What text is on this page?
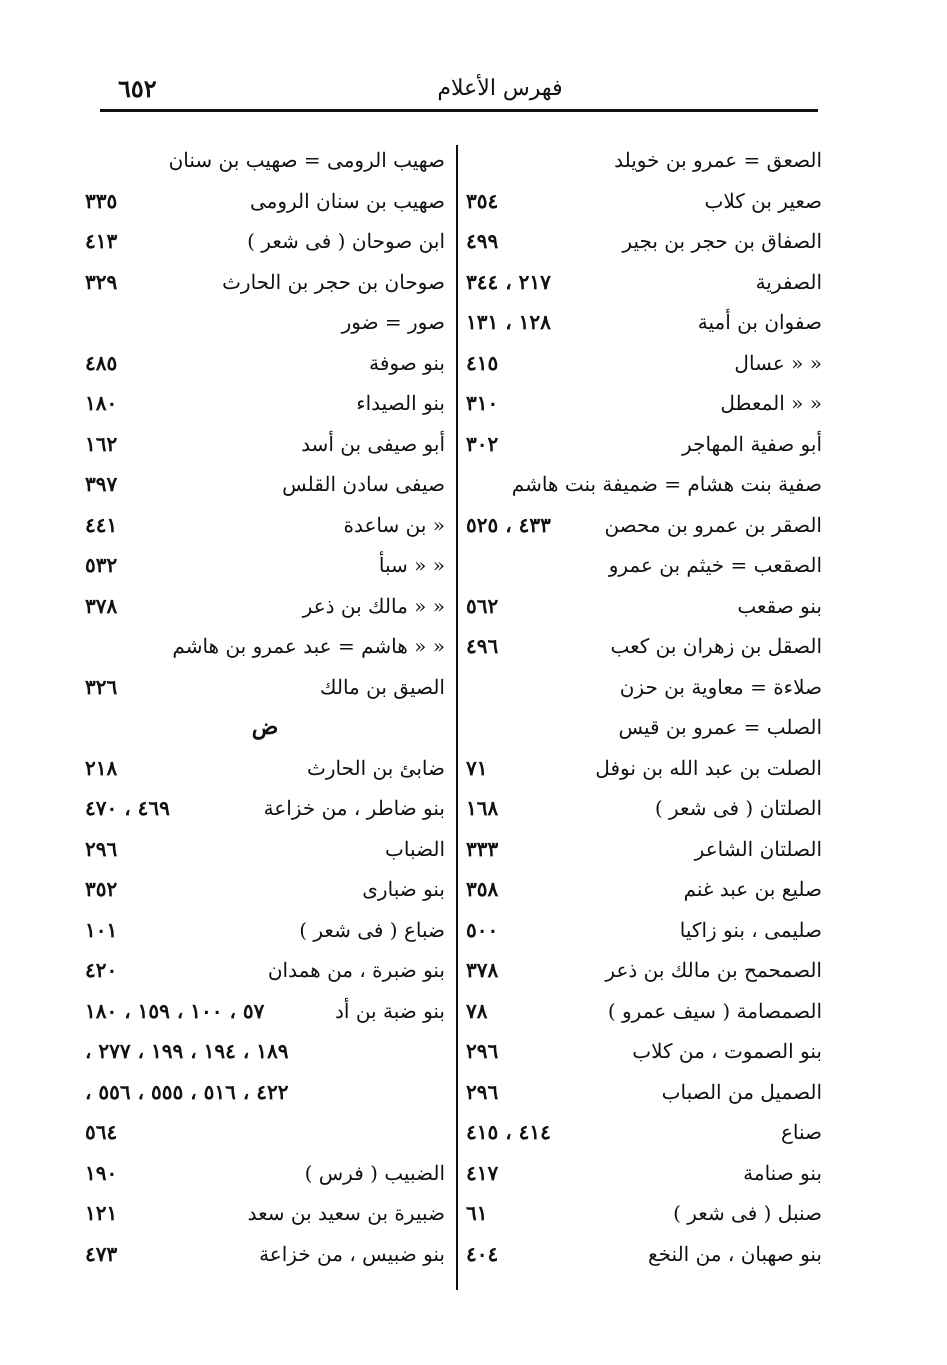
٦٥٢	فهرس الأعلام
الصعق = عمرو بن خويلد
صعير بن كلاب
٣٥٤
الصفاق بن حجر بن بجير
٤٩٩
الصفرية
٢١٧ ، ٣٤٤
صفوان بن أمية
١٢٨ ، ١٣١
« « عسال
٤١٥
« « المعطل
٣١٠
أبو صفية المهاجر
٣٠٢
صفية بنت هشام = ضميفة بنت هاشم
الصقر بن عمرو بن محصن
٤٣٣ ، ٥٢٥
الصقعب = خيثم بن عمرو
بنو صقعب
٥٦٢
الصقل بن زهران بن كعب
٤٩٦
صلاءة = معاوية بن حزن
الصلب = عمرو بن قيس
الصلت بن عبد الله بن نوفل
٧١
الصلتان ( فى شعر )
١٦٨
الصلتان الشاعر
٣٣٣
صليع بن عبد غنم
٣٥٨
صليمى ، بنو زاكيا
٥٠٠
الصمحمح بن مالك بن ذعر
٣٧٨
الصمصامة ( سيف عمرو )
٧٨
بنو الصموت ، من كلاب
٢٩٦
الصميل من الصباب
٢٩٦
صناع
٤١٤ ، ٤١٥
بنو صنامة
٤١٧
صنبل ( فى شعر )
٦١
بنو صهبان ، من النخع
٤٠٤
صهيب الرومى = صهيب بن سنان
صهيب بن سنان الرومى
٣٣٥
ابن صوحان ( فى شعر )
٤١٣
صوحان بن حجر بن الحارث
٣٢٩
صور = ضور
بنو صوفة
٤٨٥
بنو الصيداء
١٨٠
أبو صيفى بن أسد
١٦٢
صيفى سادن القلس
٣٩٧
« بن ساعدة
٤٤١
« « سبأ
٥٣٢
« « مالك بن ذعر
٣٧٨
« « هاشم = عبد عمرو بن هاشم
الصيق بن مالك
٣٢٦
ض
ضابئ بن الحارث
٢١٨
بنو ضاطر ، من خزاعة
٤٦٩ ، ٤٧٠
الضباب
٢٩٦
بنو ضبارى
٣٥٢
ضباع ( فى شعر )
١٠١
بنو ضبرة ، من همدان
٤٢٠
بنو ضبة بن أد
٥٧ ، ١٠٠ ، ١٥٩ ، ١٨٠
١٨٩ ، ١٩٤ ، ١٩٩ ، ٢٧٧ ،
٤٢٢ ، ٥١٦ ، ٥٥٥ ، ٥٥٦ ،
٥٦٤
الضبيب ( فرس )
١٩٠
ضبيرة بن سعيد بن سعد
١٢١
بنو ضبيس ، من خزاعة
٤٧٣
